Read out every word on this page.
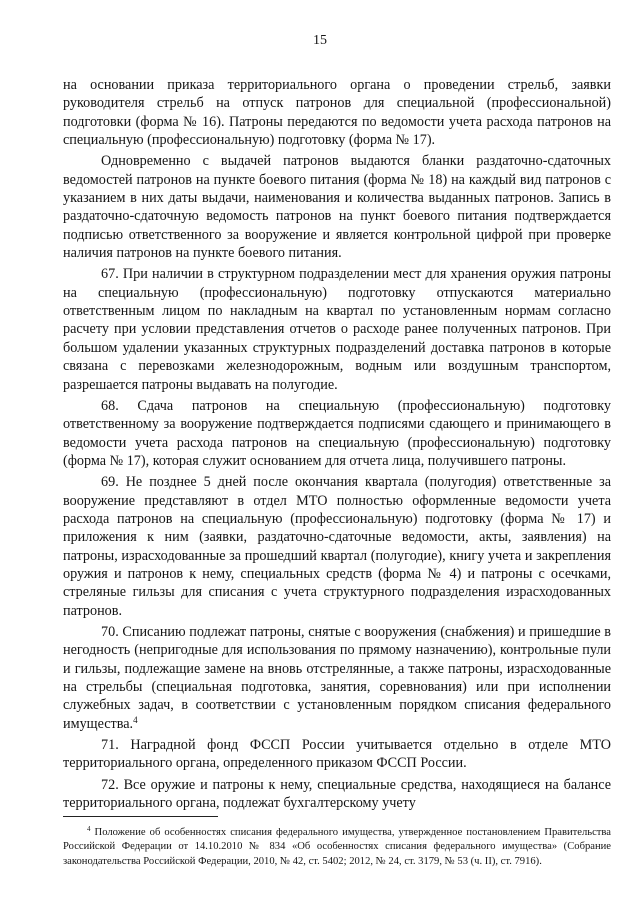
15

на основании приказа территориального органа о проведении стрельб, заявки руководителя стрельб на отпуск патронов для специальной (профессиональной) подготовки (форма № 16). Патроны передаются по ведомости учета расхода патронов на специальную (профессиональную) подготовку (форма № 17).

Одновременно с выдачей патронов выдаются бланки раздаточно-сдаточных ведомостей патронов на пункте боевого питания (форма № 18) на каждый вид патронов с указанием в них даты выдачи, наименования и количества выданных патронов. Запись в раздаточно-сдаточную ведомость патронов на пункт боевого питания подтверждается подписью ответственного за вооружение и является контрольной цифрой при проверке наличия патронов на пункте боевого питания.

67. При наличии в структурном подразделении мест для хранения оружия патроны на специальную (профессиональную) подготовку отпускаются материально ответственным лицом по накладным на квартал по установленным нормам согласно расчету при условии представления отчетов о расходе ранее полученных патронов. При большом удалении указанных структурных подразделений доставка патронов в которые связана с перевозками железнодорожным, водным или воздушным транспортом, разрешается патроны выдавать на полугодие.

68. Сдача патронов на специальную (профессиональную) подготовку ответственному за вооружение подтверждается подписями сдающего и принимающего в ведомости учета расхода патронов на специальную (профессиональную) подготовку (форма № 17), которая служит основанием для отчета лица, получившего патроны.

69. Не позднее 5 дней после окончания квартала (полугодия) ответственные за вооружение представляют в отдел МТО полностью оформленные ведомости учета расхода патронов на специальную (профессиональную) подготовку (форма № 17) и приложения к ним (заявки, раздаточно-сдаточные ведомости, акты, заявления) на патроны, израсходованные за прошедший квартал (полугодие), книгу учета и закрепления оружия и патронов к нему, специальных средств (форма № 4) и патроны с осечками, стреляные гильзы для списания с учета структурного подразделения израсходованных патронов.

70. Списанию подлежат патроны, снятые с вооружения (снабжения) и пришедшие в негодность (непригодные для использования по прямому назначению), контрольные пули и гильзы, подлежащие замене на вновь отстрелянные, а также патроны, израсходованные на стрельбы (специальная подготовка, занятия, соревнования) или при исполнении служебных задач, в соответствии с установленным порядком списания федерального имущества.$^4$

71. Наградной фонд ФССП России учитывается отдельно в отделе МТО территориального органа, определенного приказом ФССП России.

72. Все оружие и патроны к нему, специальные средства, находящиеся на балансе территориального органа, подлежат бухгалтерскому учету

$^4$ Положение об особенностях списания федерального имущества, утвержденное постановлением Правительства Российской Федерации от 14.10.2010 № 834 «Об особенностях списания федерального имущества» (Собрание законодательства Российской Федерации, 2010, № 42, ст. 5402; 2012, № 24, ст. 3179, № 53 (ч. II), ст. 7916).
